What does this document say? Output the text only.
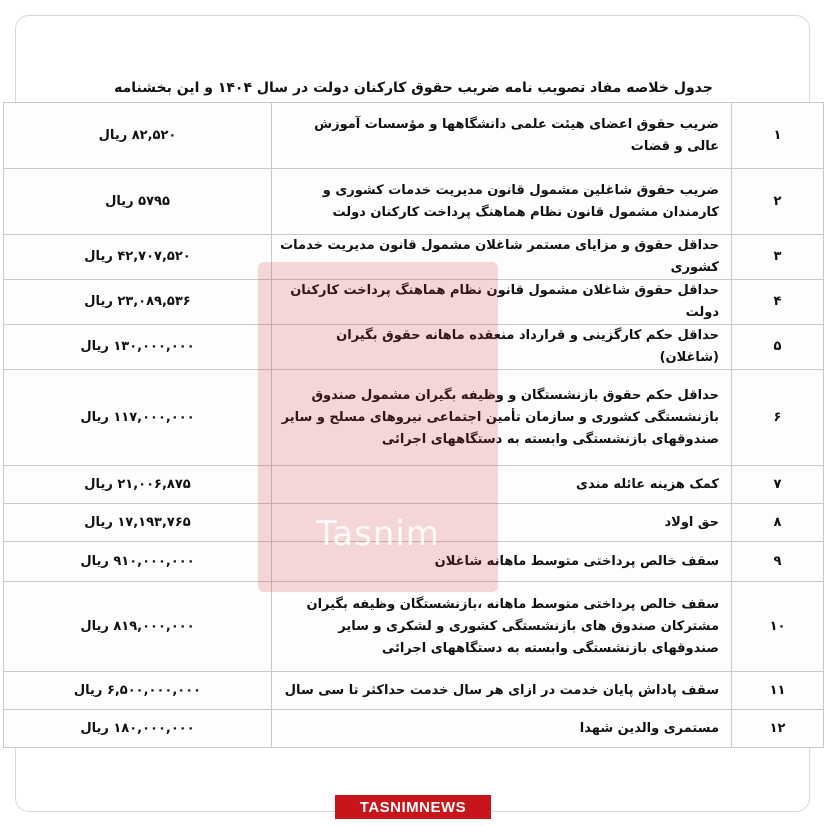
جدول خلاصه مفاد تصویب نامه ضریب حقوق کارکنان دولت در سال ۱۴۰۴ و این بخشنامه
۱	ضریب حقوق اعضای هیئت علمی دانشگاهها و مؤسسات آموزش عالی و قضات	۸۲,۵۲۰ ریال
۲	ضریب حقوق شاغلین مشمول قانون مدیریت خدمات کشوری و کارمندان مشمول قانون نظام هماهنگ پرداخت کارکنان دولت	۵۷۹۵ ریال
۳	حداقل حقوق و مزایای مستمر شاغلان مشمول قانون مدیریت خدمات کشوری	۴۲,۷۰۷,۵۲۰ ریال
۴	حداقل حقوق شاغلان مشمول قانون نظام هماهنگ پرداخت کارکنان دولت	۲۳,۰۸۹,۵۳۶ ریال
۵	حداقل حکم کارگزینی و قرارداد منعقده ماهانه حقوق بگیران (شاغلان)	۱۳۰,۰۰۰,۰۰۰ ریال
۶	حداقل حکم حقوق بازنشستگان و وظیفه بگیران مشمول صندوق بازنشستگی کشوری و سازمان تأمین اجتماعی نیروهای مسلح و سایر صندوقهای بازنشستگی وابسته به دستگاههای اجرائی	۱۱۷,۰۰۰,۰۰۰ ریال
۷	کمک هزینه عائله مندی	۲۱,۰۰۶,۸۷۵ ریال
۸	حق اولاد	۱۷,۱۹۳,۷۶۵ ریال
۹	سقف خالص پرداختی متوسط ماهانه شاغلان	۹۱۰,۰۰۰,۰۰۰ ریال
۱۰	سقف خالص پرداختی متوسط ماهانه ،بازنشستگان وظیفه بگیران مشترکان صندوق های بازنشستگی کشوری و لشکری و سایر صندوقهای بازنشستگی وابسته به دستگاههای اجرائی	۸۱۹,۰۰۰,۰۰۰ ریال
۱۱	سقف پاداش پایان خدمت در ازای هر سال خدمت حداکثر تا سی سال	۶,۵۰۰,۰۰۰,۰۰۰ ریال
۱۲	مستمری والدین شهدا	۱۸۰,۰۰۰,۰۰۰ ریال
Tasnim
TASNIMNEWS
